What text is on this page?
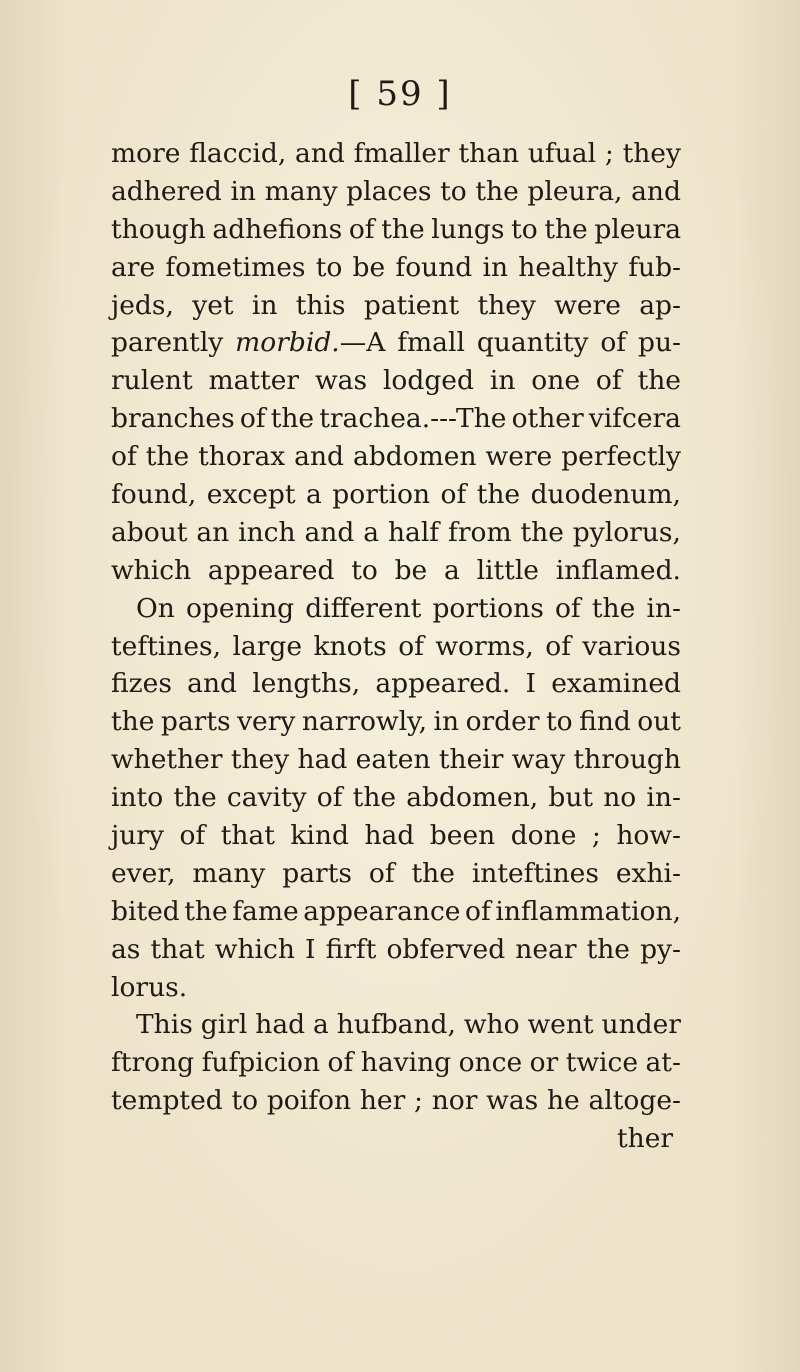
[ 59 ]
more flaccid, and fmaller than ufual ; they
adhered in many places to the pleura, and
though adhefions of the lungs to the pleura
are fometimes to be found in healthy fub-
jeds, yet in this patient they were ap-
parently morbid.—A fmall quantity of pu-
rulent matter was lodged in one of the
branches of the trachea.---The other vifcera
of the thorax and abdomen were perfectly
found, except a portion of the duodenum,
about an inch and a half from the pylorus,
which appeared to be a little inflamed.
On opening different portions of the in-
teftines, large knots of worms, of various
fizes and lengths, appeared. I examined
the parts very narrowly, in order to find out
whether they had eaten their way through
into the cavity of the abdomen, but no in-
jury of that kind had been done ; how-
ever, many parts of the inteftines exhi-
bited the fame appearance of inflammation,
as that which I firft obferved near the py-
lorus.
This girl had a hufband, who went under
ftrong fufpicion of having once or twice at-
tempted to poifon her ; nor was he altoge-
ther
